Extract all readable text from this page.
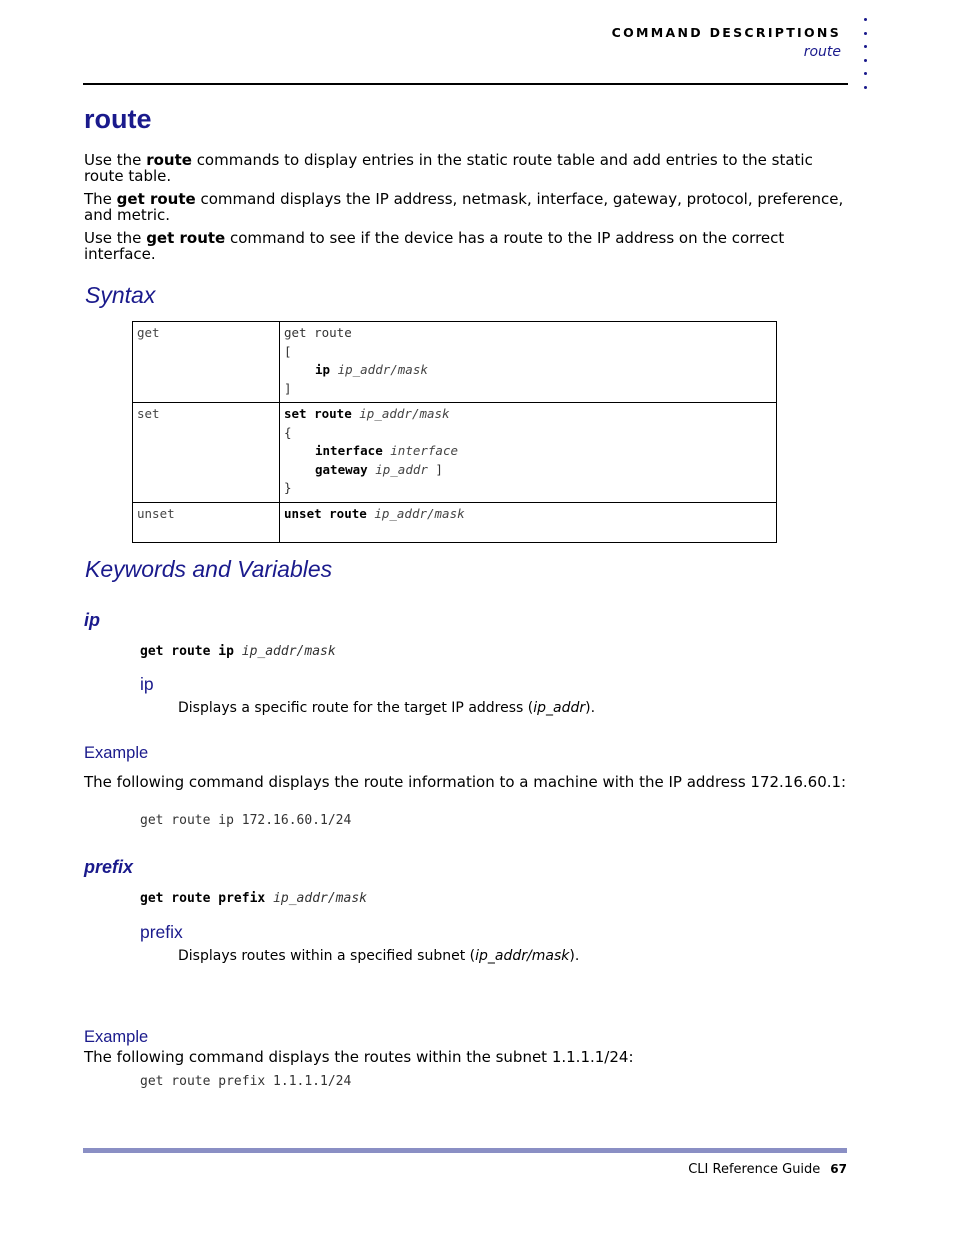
COMMAND DESCRIPTIONS
route
route
Use the route commands to display entries in the static route table and add entries to the static route table.
The get route command displays the IP address, netmask, interface, gateway, protocol, preference, and metric.
Use the get route command to see if the device has a route to the IP address on the correct interface.
Syntax
get	get route
[
ip ip_addr/mask
]

set	set route ip_addr/mask
{
interface interface
gateway ip_addr ]
}

unset	unset route ip_addr/mask
Keywords and Variables
ip
get route ip ip_addr/mask
ip
Displays a specific route for the target IP address (ip_addr).
Example
The following command displays the route information to a machine with the IP address 172.16.60.1:
get route ip 172.16.60.1/24
prefix
get route prefix ip_addr/mask
prefix
Displays routes within a specified subnet (ip_addr/mask).
Example
The following command displays the routes within the subnet 1.1.1.1/24:
get route prefix 1.1.1.1/24
CLI Reference Guide 67
